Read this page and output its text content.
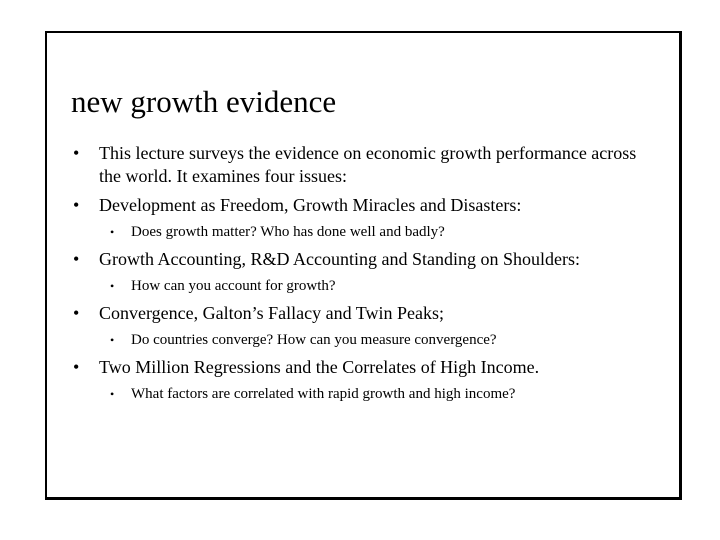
new growth evidence
• This lecture surveys the evidence on economic growth performance across the world. It examines four issues:
• Development as Freedom, Growth Miracles and Disasters:
• Does growth matter? Who has done well and badly?
• Growth Accounting, R&D Accounting and Standing on Shoulders:
• How can you account for growth?
• Convergence, Galton’s Fallacy and Twin Peaks;
• Do countries converge? How can you measure convergence?
• Two Million Regressions and the Correlates of High Income.
• What factors are correlated with rapid growth and high income?
